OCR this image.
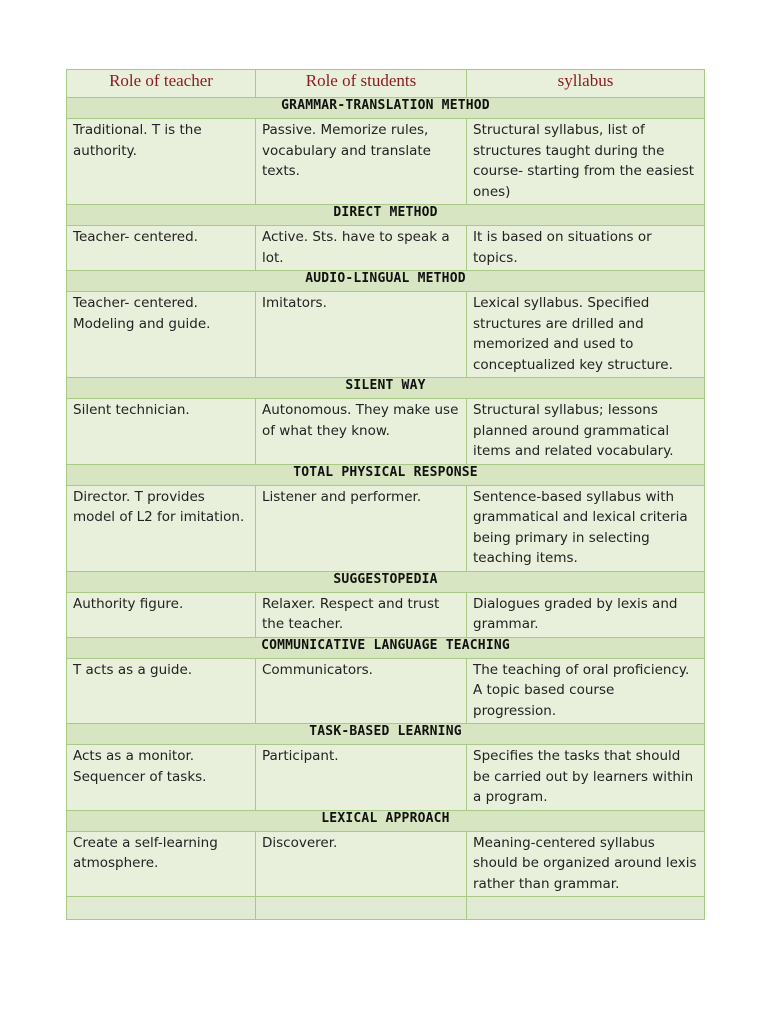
Role of teacher	Role of students	syllabus
GRAMMAR-TRANSLATION METHOD		
Traditional. T is the authority.	Passive. Memorize rules, vocabulary and translate texts.	Structural syllabus, list of structures taught during the course- starting from the easiest ones)
DIRECT METHOD		
Teacher- centered.	Active. Sts. have to speak a lot.	It is based on situations or topics.
AUDIO-LINGUAL METHOD		
Teacher- centered. Modeling and guide.	Imitators.	Lexical syllabus. Specified structures are drilled and memorized and used to conceptualized key structure.
SILENT WAY		
Silent technician.	Autonomous. They make use of what they know.	Structural syllabus; lessons planned around grammatical items and related vocabulary.
TOTAL PHYSICAL RESPONSE		
Director. T provides model of L2 for imitation.	Listener and performer.	Sentence-based syllabus with grammatical and lexical criteria being primary in selecting teaching items.
SUGGESTOPEDIA		
Authority figure.	Relaxer. Respect and trust the teacher.	Dialogues graded by lexis and grammar.
COMMUNICATIVE LANGUAGE TEACHING		
T acts as a guide.	Communicators.	The teaching of oral proficiency. A topic based course progression.
TASK-BASED LEARNING		
Acts as a monitor. Sequencer of tasks.	Participant.	Specifies the tasks that should be carried out by learners within a program.
LEXICAL APPROACH		
Create a self-learning atmosphere.	Discoverer.	Meaning-centered syllabus should be organized around lexis rather than grammar.
